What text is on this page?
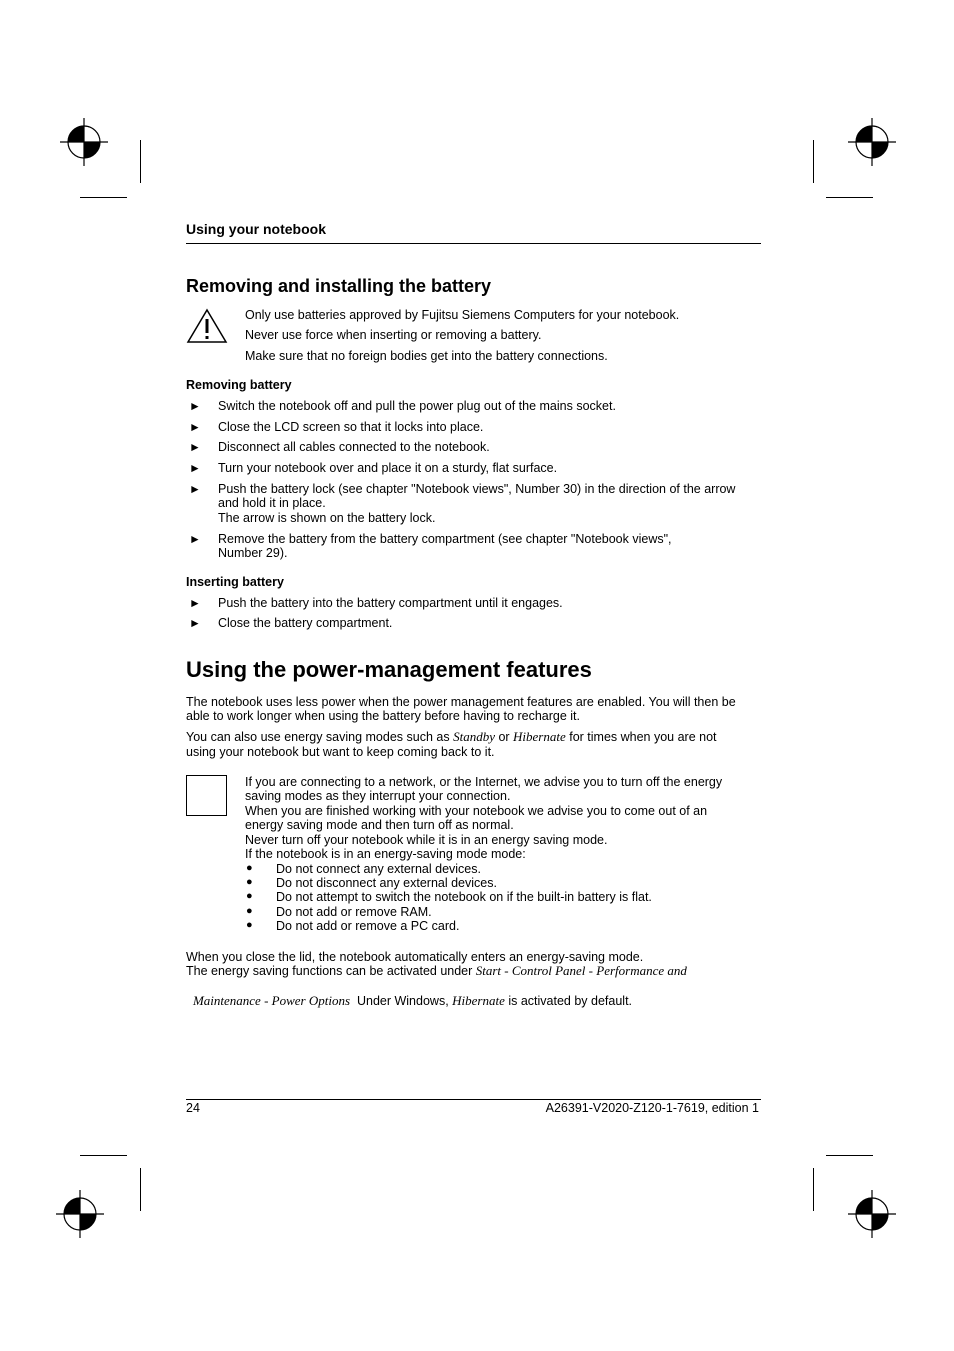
Using your notebook
Removing and installing the battery
Only use batteries approved by Fujitsu Siemens Computers for your notebook.
Never use force when inserting or removing a battery.
Make sure that no foreign bodies get into the battery connections.
Removing battery
► Switch the notebook off and pull the power plug out of the mains socket.
► Close the LCD screen so that it locks into place.
► Disconnect all cables connected to the notebook.
► Turn your notebook over and place it on a sturdy, flat surface.
► Push the battery lock (see chapter "Notebook views", Number 30) in the direction of the arrow
and hold it in place.
The arrow is shown on the battery lock.
► Remove the battery from the battery compartment (see chapter "Notebook views",
Number 29).
Inserting battery
► Push the battery into the battery compartment until it engages.
► Close the battery compartment.
Using the power-management features
The notebook uses less power when the power management features are enabled. You will then be
able to work longer when using the battery before having to recharge it.
You can also use energy saving modes such as Standby or Hibernate for times when you are not
using your notebook but want to keep coming back to it.
If you are connecting to a network, or the Internet, we advise you to turn off the energy
saving modes as they interrupt your connection.
When you are finished working with your notebook we advise you to come out of an
energy saving mode and then turn off as normal.
Never turn off your notebook while it is in an energy saving mode.
If the notebook is in an energy-saving mode mode:
● Do not connect any external devices.
● Do not disconnect any external devices.
● Do not attempt to switch the notebook on if the built-in battery is flat.
● Do not add or remove RAM.
● Do not add or remove a PC card.
When you close the lid, the notebook automatically enters an energy-saving mode.
The energy saving functions can be activated under Start - Control Panel - Performance and

Maintenance - Power Options  Under Windows, Hibernate is activated by default.

24	A26391-V2020-Z120-1-7619, edition 1
